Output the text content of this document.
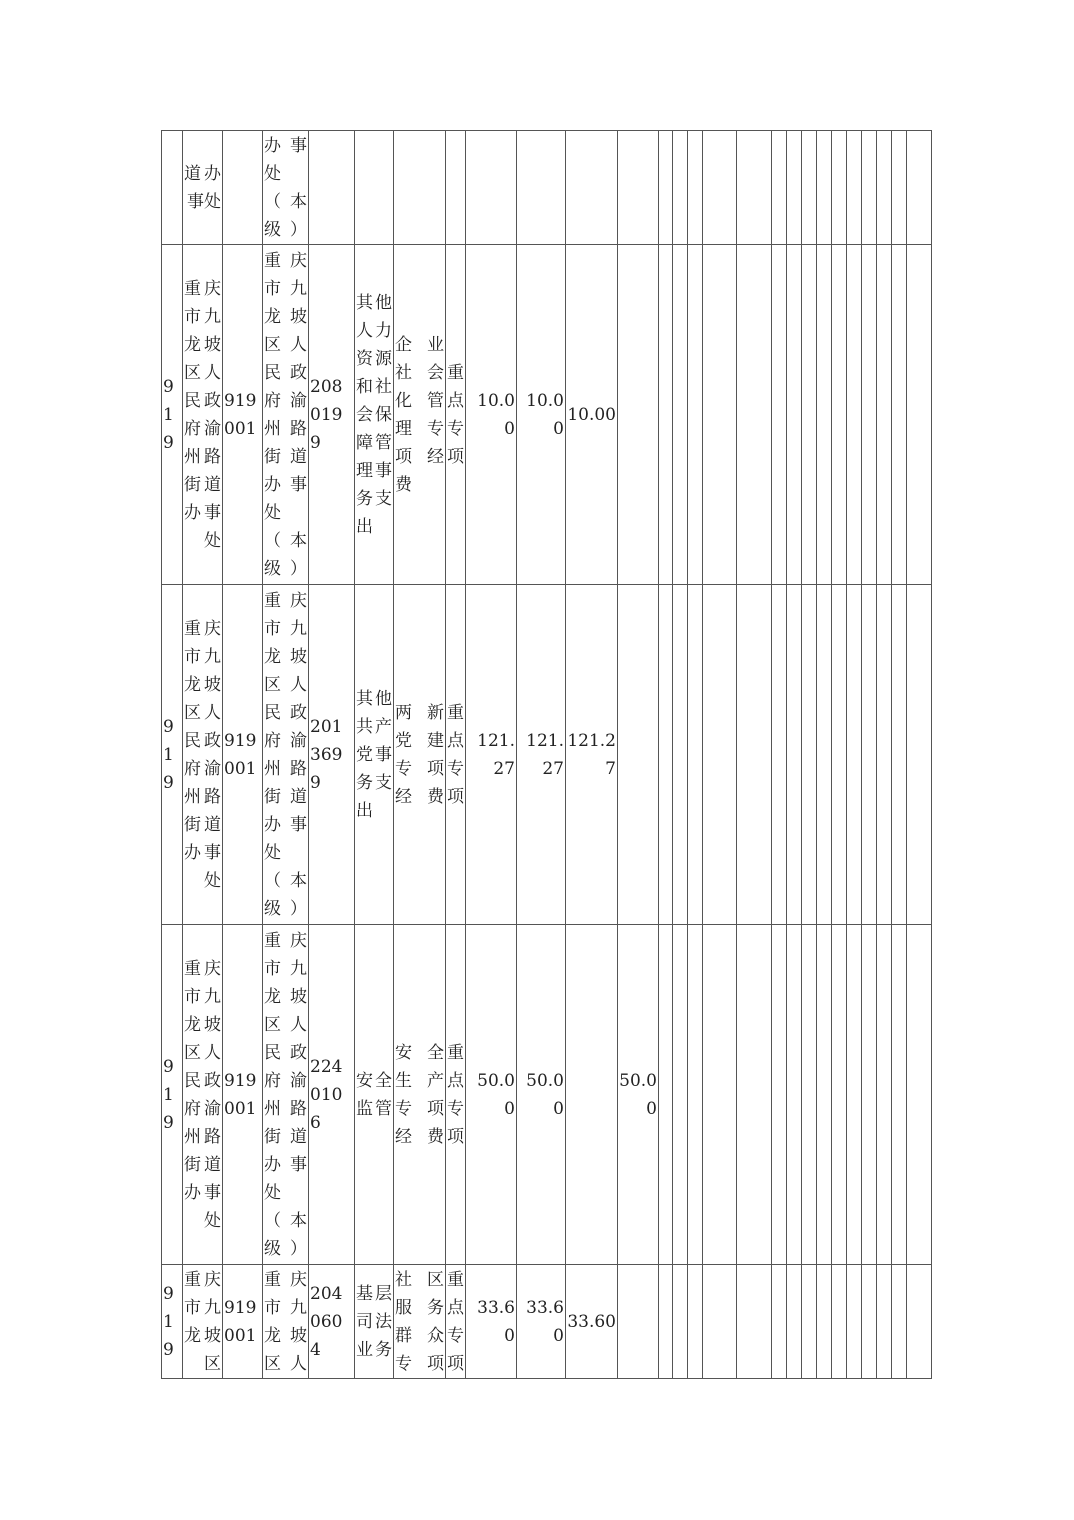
	道办事处		办事处（本级）																							

919	重庆市九龙坡区人民政府渝州路街道办事处	919001	重庆市九龙坡区人民政府渝州路街道办事处（本级）	2080199	其他人力资源和社会保障管理事务支出	企业社会化管理专项经费	重点专项	10.00	10.00	10.00																

919	重庆市九龙坡区人民政府渝州路街道办事处	919001	重庆市九龙坡区人民政府渝州路街道办事处（本级）	2013699	其他共产党事务支出	两新党建专项经费	重点专项	121.27	121.27	121.27																

919	重庆市九龙坡区人民政府渝州路街道办事处	919001	重庆市九龙坡区人民政府渝州路街道办事处（本级）	2240106	安全监管	安全生产专项经费	重点专项	50.00	50.00		50.00															

919	重庆市九龙坡区	919001	重庆市九龙坡区人	2040604	基层司法业务	社区服务群众专项	重点专项	33.60	33.60	33.60																
